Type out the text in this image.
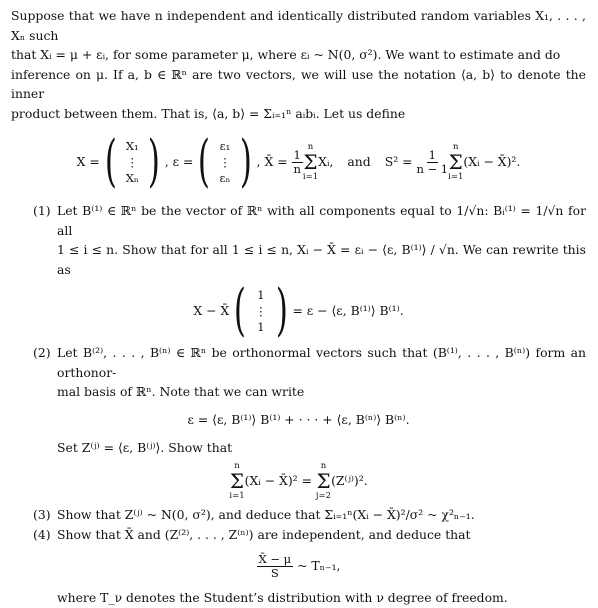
Suppose that we have n independent and identically distributed random variables X₁, . . . , Xₙ such

that Xᵢ = μ + εᵢ, for some parameter μ, where εᵢ ~ N(0, σ²). We want to estimate and do

inference on μ. If a, b ∈ ℝⁿ are two vectors, we will use the notation ⟨a, b⟩ to denote the inner

product between them. That is, ⟨a, b⟩ = Σᵢ₌₁ⁿ aᵢbᵢ. Let us define

X = ( X₁
⋮
Xₙ ) , ε = ( ε₁
⋮
εₙ ) , X̄ =
$\frac{1}{n}$
n
Σ
i=1
Xᵢ, and S² =
$\frac{1}{n - 1}$
n
Σ
i=1
(Xᵢ − X̄)².
(1) Let B⁽¹⁾ ∈ ℝⁿ be the vector of ℝⁿ with all components equal to 1/√n: Bᵢ⁽¹⁾ = 1/√n for all

1 ≤ i ≤ n. Show that for all 1 ≤ i ≤ n, Xᵢ − X̄ = εᵢ − ⟨ε, B⁽¹⁾⟩ / √n. We can rewrite this as

X − X̄ ( 1
⋮
1 ) = ε − ⟨ε, B⁽¹⁾⟩ B⁽¹⁾.
(2) Let B⁽²⁾, . . . , B⁽ⁿ⁾ ∈ ℝⁿ be orthonormal vectors such that (B⁽¹⁾, . . . , B⁽ⁿ⁾) form an orthonor-

mal basis of ℝⁿ. Note that we can write

ε = ⟨ε, B⁽¹⁾⟩ B⁽¹⁾ + · · · + ⟨ε, B⁽ⁿ⁾⟩ B⁽ⁿ⁾.

Set Z⁽ʲ⁾ = ⟨ε, B⁽ʲ⁾⟩. Show that

n
Σ
i=1
(Xᵢ − X̄)² =

n
Σ
j=2
(Z⁽ʲ⁾)².
(3) Show that Z⁽ʲ⁾ ~ N(0, σ²), and deduce that Σᵢ₌₁ⁿ(Xᵢ − X̄)²/σ² ~ χ²ₙ₋₁.

(4) Show that X̄ and (Z⁽²⁾, . . . , Z⁽ⁿ⁾) are independent, and deduce that

$\frac{X̄ - \mu}{S}$
~ Tₙ₋₁,

where T_ν denotes the Student’s distribution with ν degree of freedom.
